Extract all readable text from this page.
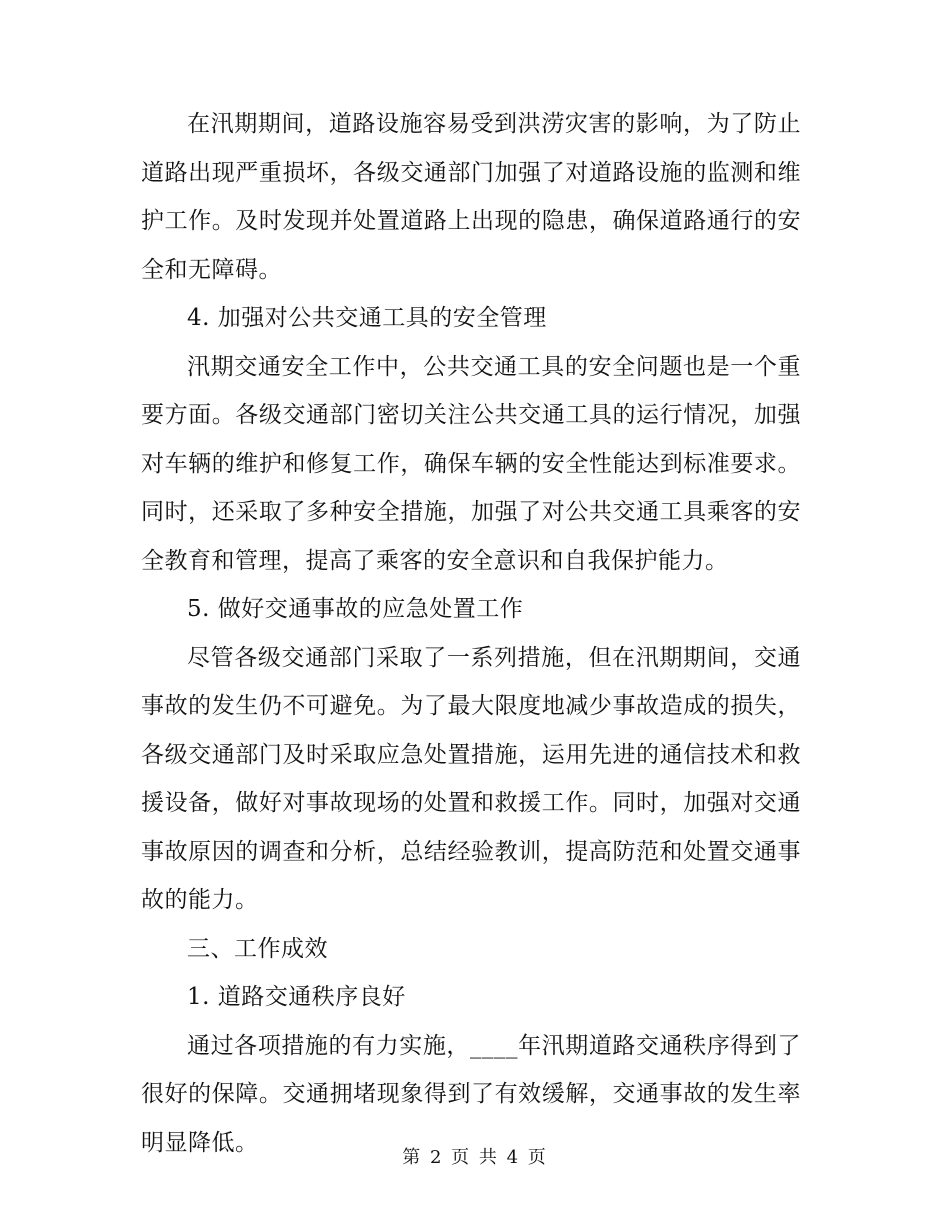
在汛期期间，道路设施容易受到洪涝灾害的影响，为了防止道路出现严重损坏，各级交通部门加强了对道路设施的监测和维护工作。及时发现并处置道路上出现的隐患，确保道路通行的安全和无障碍。

4. 加强对公共交通工具的安全管理

汛期交通安全工作中，公共交通工具的安全问题也是一个重要方面。各级交通部门密切关注公共交通工具的运行情况，加强对车辆的维护和修复工作，确保车辆的安全性能达到标准要求。同时，还采取了多种安全措施，加强了对公共交通工具乘客的安全教育和管理，提高了乘客的安全意识和自我保护能力。

5. 做好交通事故的应急处置工作

尽管各级交通部门采取了一系列措施，但在汛期期间，交通事故的发生仍不可避免。为了最大限度地减少事故造成的损失，各级交通部门及时采取应急处置措施，运用先进的通信技术和救援设备，做好对事故现场的处置和救援工作。同时，加强对交通事故原因的调查和分析，总结经验教训，提高防范和处置交通事故的能力。

三、工作成效

1. 道路交通秩序良好

通过各项措施的有力实施，____年汛期道路交通秩序得到了很好的保障。交通拥堵现象得到了有效缓解，交通事故的发生率明显降低。

第 2 页 共 4 页
